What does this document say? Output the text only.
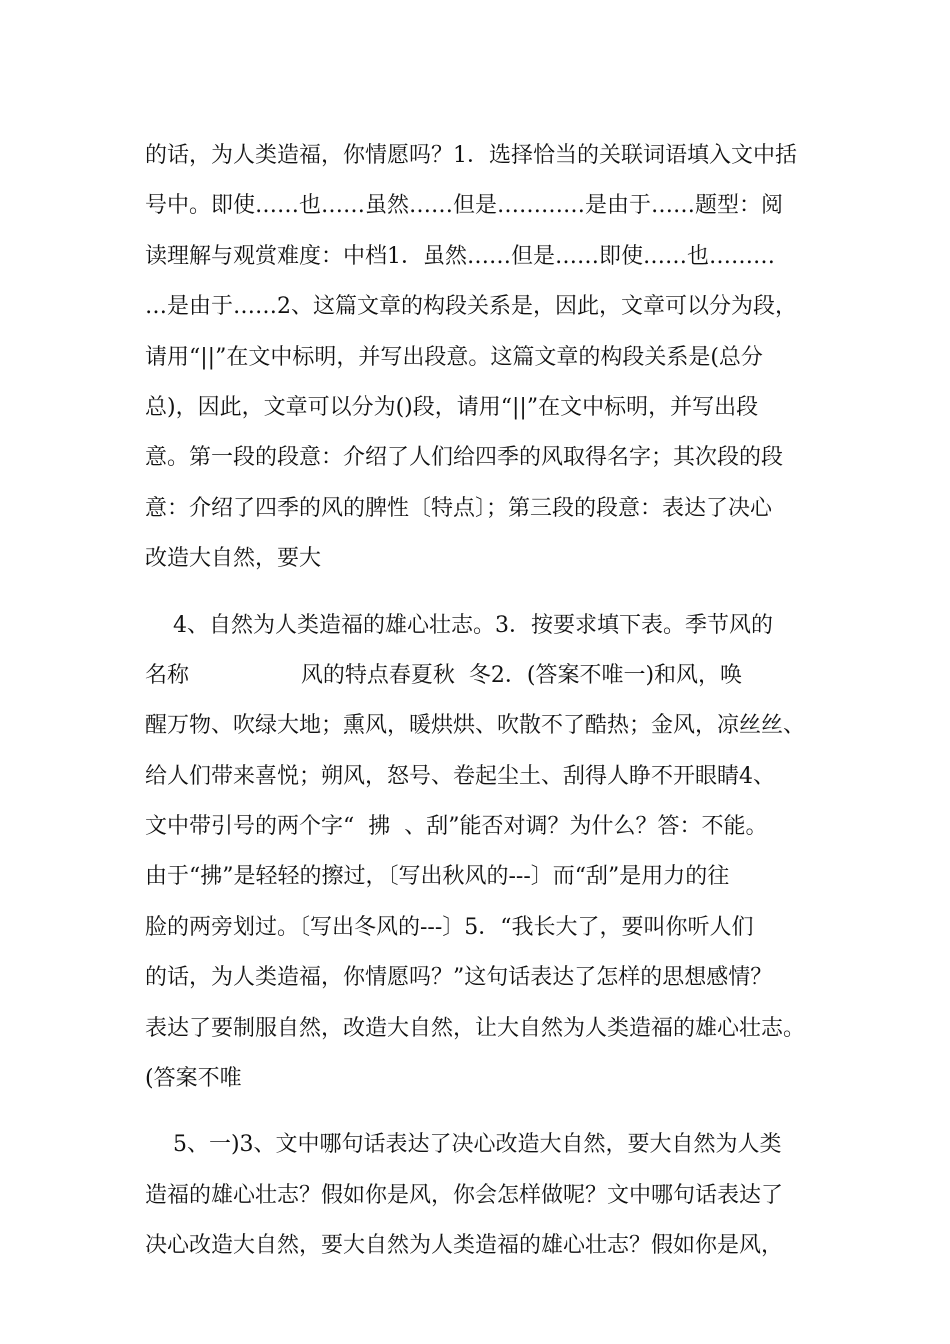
的话，为人类造福，你情愿吗？1．选择恰当的关联词语填入文中括
号中。即使……也……虽然……但是…………是由于……题型：阅
读理解与观赏难度：中档1．虽然……但是……即使……也………
…是由于……2、这篇文章的构段关系是，因此，文章可以分为段，
请用“||”在文中标明，并写出段意。这篇文章的构段关系是(总分
总)，因此，文章可以分为()段，请用“||”在文中标明，并写出段
意。第一段的段意：介绍了人们给四季的风取得名字；其次段的段
意：介绍了四季的风的脾性〔特点〕；第三段的段意：表达了决心
改造大自然，要大
4、自然为人类造福的雄心壮志。3．按要求填下表。季节风的
名称                风的特点春夏秋  冬2．(答案不唯一)和风，唤
醒万物、吹绿大地；熏风，暖烘烘、吹散不了酷热；金风，凉丝丝、
给人们带来喜悦；朔风，怒号、卷起尘土、刮得人睁不开眼睛4、
文中带引号的两个字“  拂  、刮”能否对调？为什么？答：不能。
由于“拂”是轻轻的擦过，〔写出秋风的---〕而“刮”是用力的往
脸的两旁划过。〔写出冬风的---〕5．“我长大了，要叫你听人们
的话，为人类造福，你情愿吗？”这句话表达了怎样的思想感情？
表达了要制服自然，改造大自然，让大自然为人类造福的雄心壮志。
(答案不唯
5、一)3、文中哪句话表达了决心改造大自然，要大自然为人类
造福的雄心壮志？假如你是风，你会怎样做呢？文中哪句话表达了
决心改造大自然，要大自然为人类造福的雄心壮志？假如你是风，
